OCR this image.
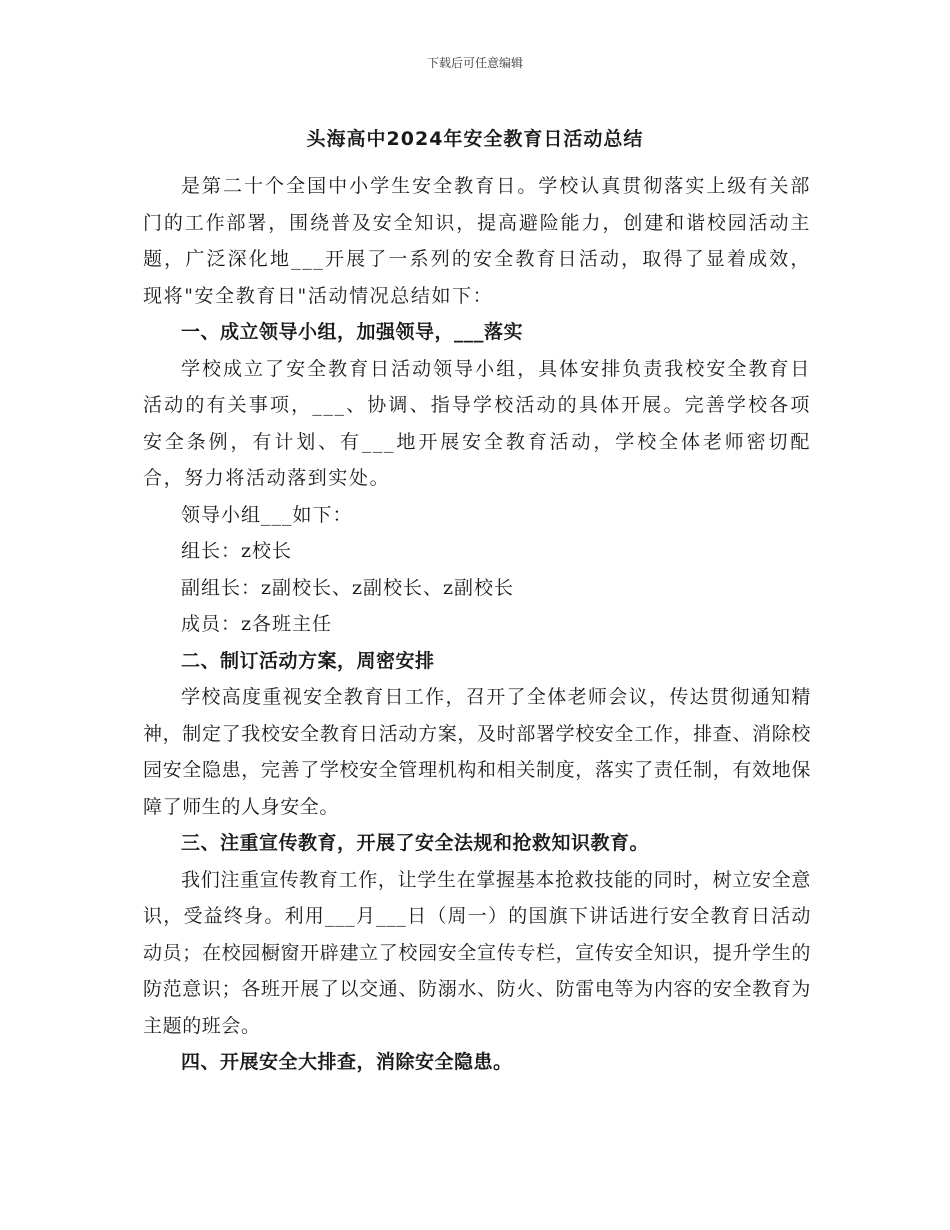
下载后可任意编辑
头海高中2024年安全教育日活动总结

是第二十个全国中小学生安全教育日。学校认真贯彻落实上级有关部门的工作部署，围绕普及安全知识，提高避险能力，创建和谐校园活动主题，广泛深化地___开展了一系列的安全教育日活动，取得了显着成效，现将"安全教育日"活动情况总结如下：

一、成立领导小组，加强领导，___落实

学校成立了安全教育日活动领导小组，具体安排负责我校安全教育日活动的有关事项，___、协调、指导学校活动的具体开展。完善学校各项安全条例，有计划、有___地开展安全教育活动，学校全体老师密切配合，努力将活动落到实处。

领导小组___如下：

组长：z校长

副组长：z副校长、z副校长、z副校长

成员：z各班主任

二、制订活动方案，周密安排

学校高度重视安全教育日工作，召开了全体老师会议，传达贯彻通知精神，制定了我校安全教育日活动方案，及时部署学校安全工作，排查、消除校园安全隐患，完善了学校安全管理机构和相关制度，落实了责任制，有效地保障了师生的人身安全。

三、注重宣传教育，开展了安全法规和抢救知识教育。

我们注重宣传教育工作，让学生在掌握基本抢救技能的同时，树立安全意识，受益终身。利用___月___日（周一）的国旗下讲话进行安全教育日活动动员；在校园橱窗开辟建立了校园安全宣传专栏，宣传安全知识，提升学生的防范意识；各班开展了以交通、防溺水、防火、防雷电等为内容的安全教育为主题的班会。

四、开展安全大排查，消除安全隐患。
